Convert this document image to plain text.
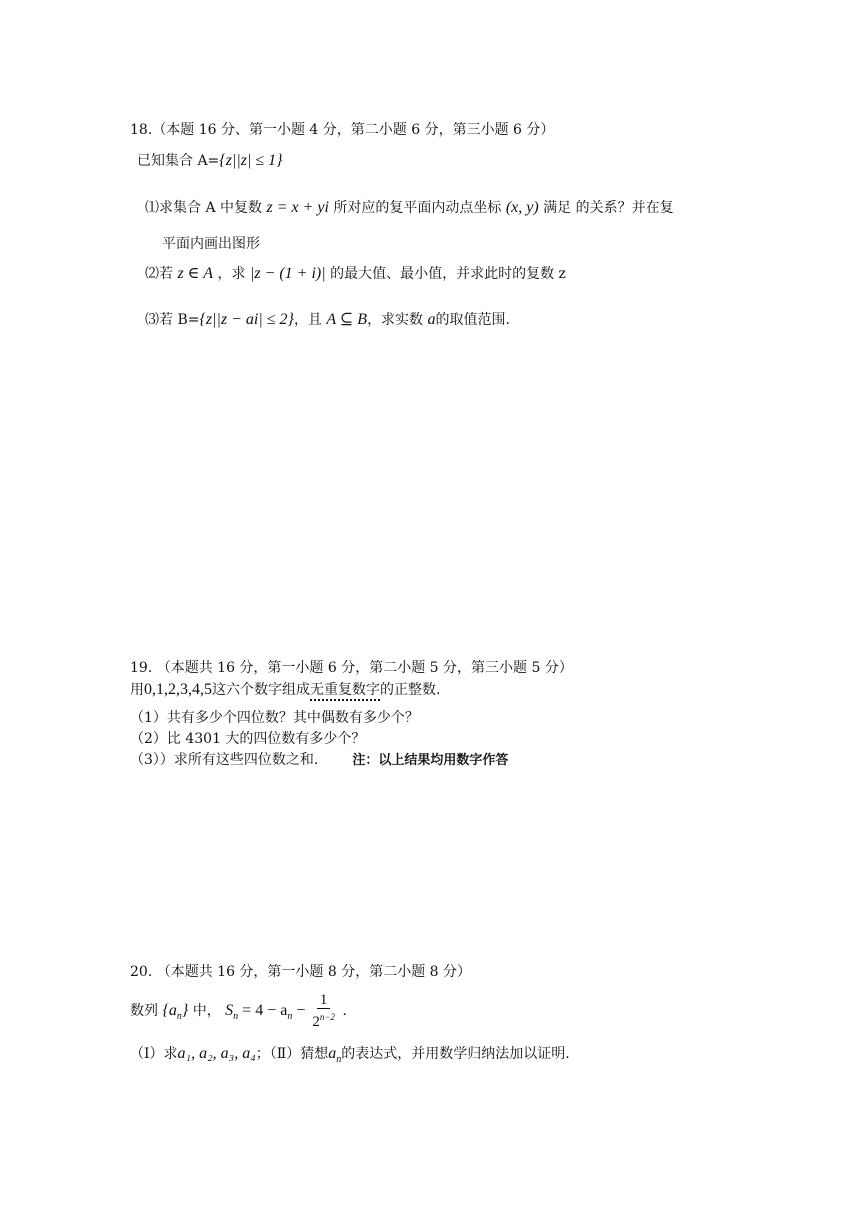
18.（本题 16 分、第一小题 4 分，第二小题 6 分，第三小题 6 分）
已知集合 A={z||z| ≤ 1}
⑴求集合 A 中复数 z = x + yi 所对应的复平面内动点坐标 (x, y) 满足 的关系？并在复
平面内画出图形
⑵若 z ∈ A ，求 |z − (1 + i)| 的最大值、最小值，并求此时的复数 z
⑶若 B={z||z − ai| ≤ 2}，且 A ⊆ B，求实数 a的取值范围.
19. （本题共 16 分，第一小题 6 分，第二小题 5 分，第三小题 5 分）
用0,1,2,3,4,5这六个数字组成无重复数字的正整数.
（1）共有多少个四位数？其中偶数有多少个？
（2）比 4301 大的四位数有多少个？
（3））求所有这些四位数之和.	注：以上结果均用数字作答
20. （本题共 16 分，第一小题 8 分，第二小题 8 分）
数列 $\{a_n\}$ 中， $S_n = 4 - a_n - \frac{1}{2^{n-2}}$ .
（Ⅰ）求a₁, a₂, a₃, a₄；（Ⅱ）猜想$a_n$的表达式，并用数学归纳法加以证明.
